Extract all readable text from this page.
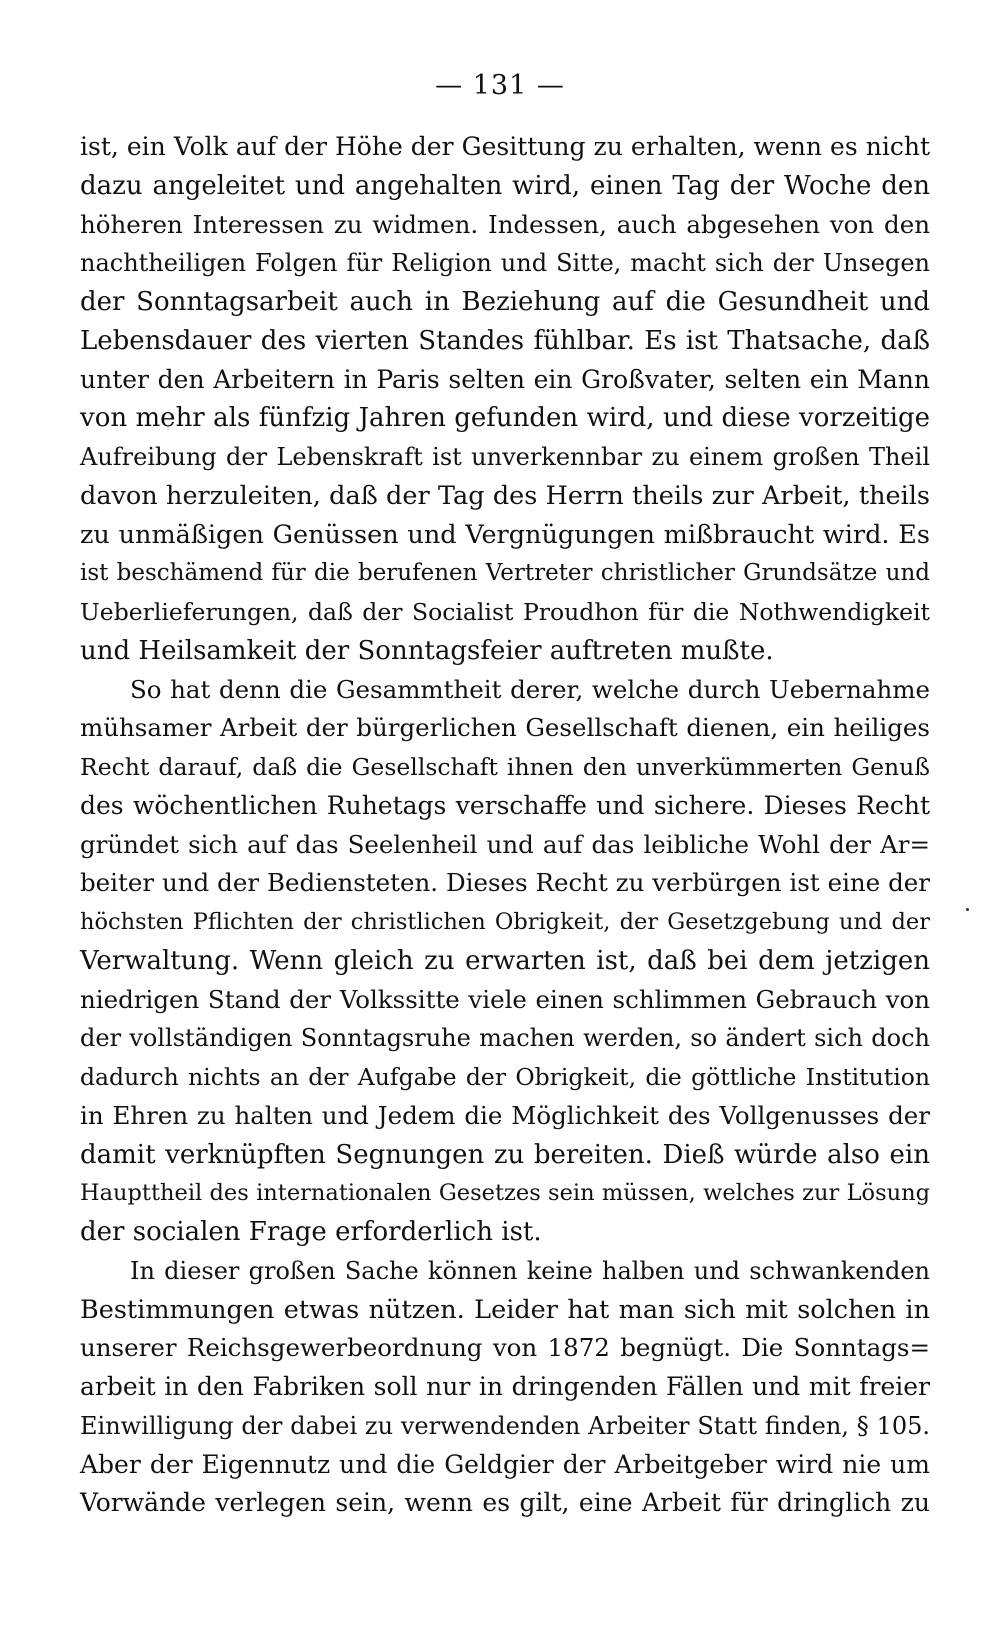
— 131 —
ist, ein Volk auf der Höhe der Gesittung zu erhalten, wenn es nicht
dazu angeleitet und angehalten wird, einen Tag der Woche den
höheren Interessen zu widmen. Indessen, auch abgesehen von den
nachtheiligen Folgen für Religion und Sitte, macht sich der Unsegen
der Sonntagsarbeit auch in Beziehung auf die Gesundheit und
Lebensdauer des vierten Standes fühlbar. Es ist Thatsache, daß
unter den Arbeitern in Paris selten ein Großvater, selten ein Mann
von mehr als fünfzig Jahren gefunden wird, und diese vorzeitige
Aufreibung der Lebenskraft ist unverkennbar zu einem großen Theil
davon herzuleiten, daß der Tag des Herrn theils zur Arbeit, theils
zu unmäßigen Genüssen und Vergnügungen mißbraucht wird. Es
ist beschämend für die berufenen Vertreter christlicher Grundsätze und
Ueberlieferungen, daß der Socialist Proudhon für die Nothwendigkeit
und Heilsamkeit der Sonntagsfeier auftreten mußte.
So hat denn die Gesammtheit derer, welche durch Uebernahme
mühsamer Arbeit der bürgerlichen Gesellschaft dienen, ein heiliges
Recht darauf, daß die Gesellschaft ihnen den unverkümmerten Genuß
des wöchentlichen Ruhetags verschaffe und sichere. Dieses Recht
gründet sich auf das Seelenheil und auf das leibliche Wohl der Ar=
beiter und der Bediensteten. Dieses Recht zu verbürgen ist eine der
höchsten Pflichten der christlichen Obrigkeit, der Gesetzgebung und der
Verwaltung. Wenn gleich zu erwarten ist, daß bei dem jetzigen
niedrigen Stand der Volkssitte viele einen schlimmen Gebrauch von
der vollständigen Sonntagsruhe machen werden, so ändert sich doch
dadurch nichts an der Aufgabe der Obrigkeit, die göttliche Institution
in Ehren zu halten und Jedem die Möglichkeit des Vollgenusses der
damit verknüpften Segnungen zu bereiten. Dieß würde also ein
Haupttheil des internationalen Gesetzes sein müssen, welches zur Lösung
der socialen Frage erforderlich ist.
In dieser großen Sache können keine halben und schwankenden
Bestimmungen etwas nützen. Leider hat man sich mit solchen in
unserer Reichsgewerbeordnung von 1872 begnügt. Die Sonntags=
arbeit in den Fabriken soll nur in dringenden Fällen und mit freier
Einwilligung der dabei zu verwendenden Arbeiter Statt finden, § 105.
Aber der Eigennutz und die Geldgier der Arbeitgeber wird nie um
Vorwände verlegen sein, wenn es gilt, eine Arbeit für dringlich zu
